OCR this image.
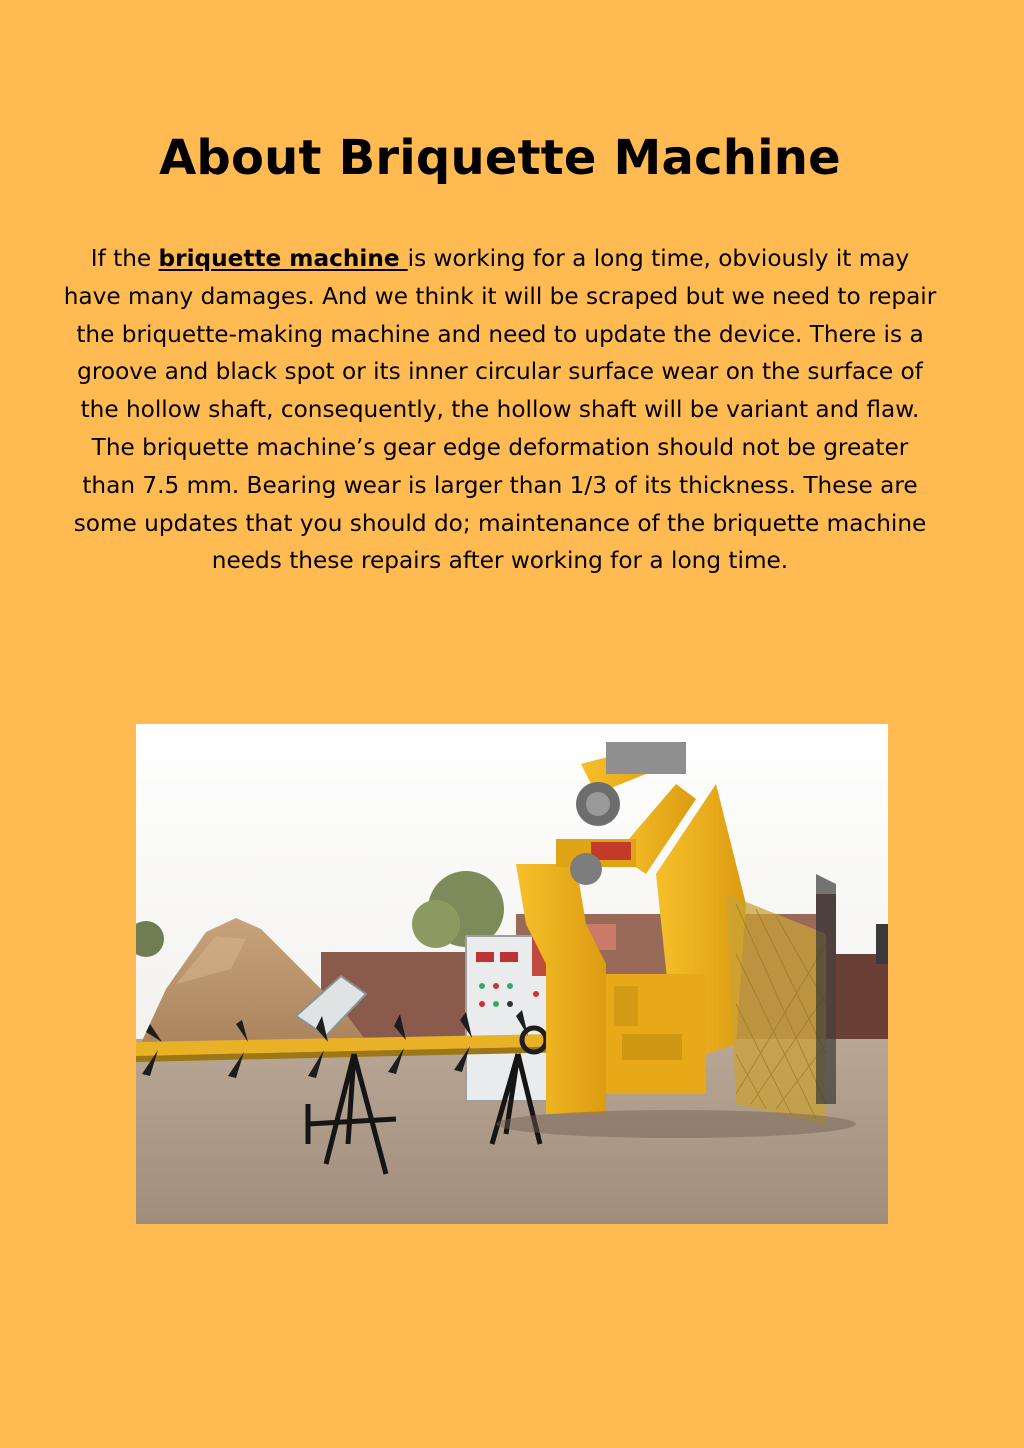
About Briquette Machine

If the briquette machine is working for a long time, obviously it may have many damages. And we think it will be scraped but we need to repair the briquette-making machine and need to update the device. There is a groove and black spot or its inner circular surface wear on the surface of the hollow shaft, consequently, the hollow shaft will be variant and flaw. The briquette machine’s gear edge deformation should not be greater than 7.5 mm. Bearing wear is larger than 1/3 of its thickness. These are some updates that you should do; maintenance of the briquette machine needs these repairs after working for a long time.
